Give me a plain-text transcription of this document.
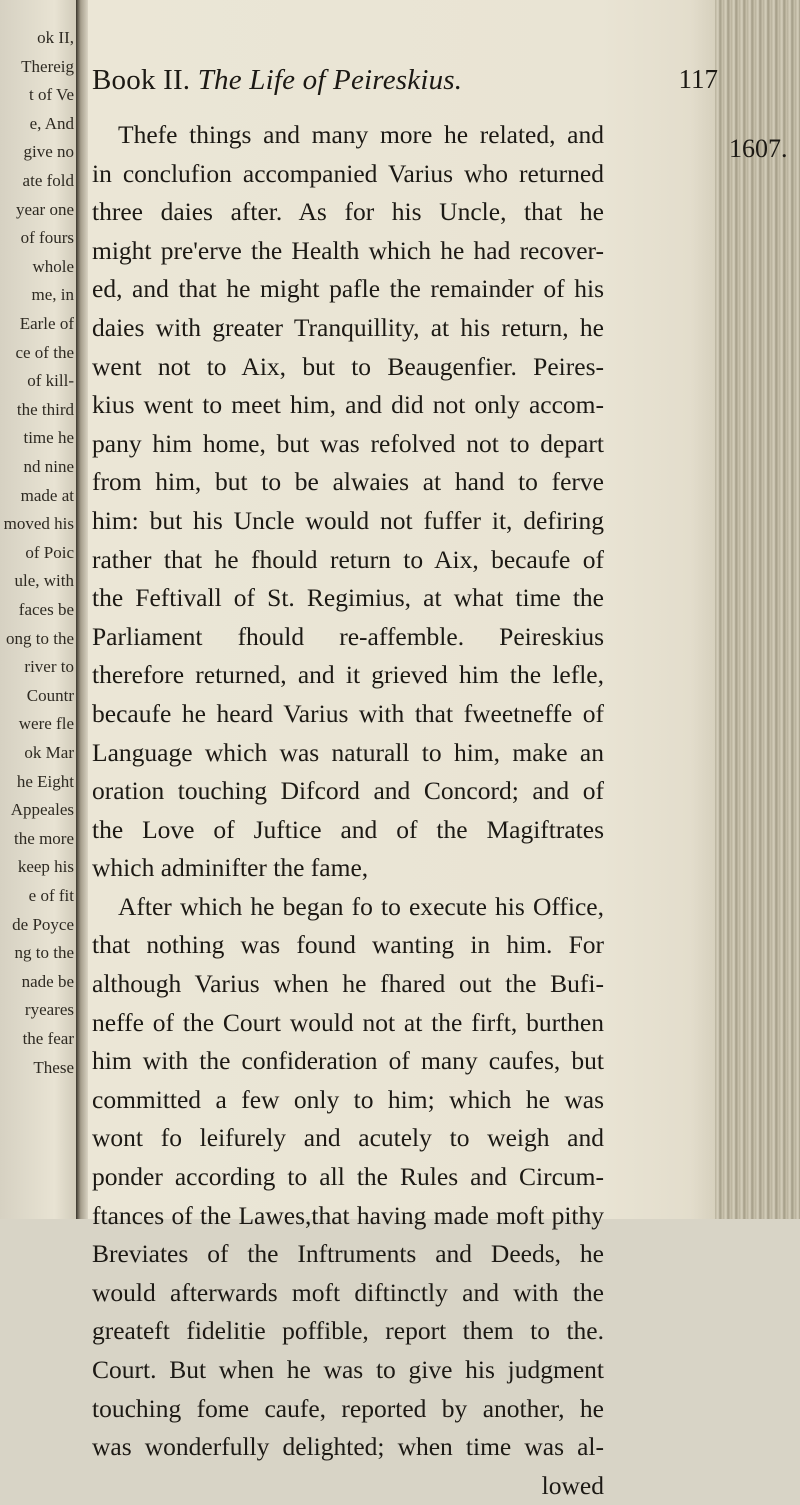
ok II,
Thereig
t of Ve
e, And
give no
ate fold
year one
of fours
whole
me, in
Earle of
ce of the
of kill-
the third
time he
nd nine
made at
moved his
of Poic
ule, with
faces be
ong to the
river to
Countr
were fle
ok Mar
he Eight
Appeales
the more
keep his
e of fit
de Poyce
ng to the
nade be
ryeares
the fear
These
Book II. The Life of Peireskius.	117
Thefe things and many more he related, and
in conclufion accompanied Varius who returned
three daies after. As for his Uncle, that he
might pre'erve the Health which he had recover-
ed, and that he might pafle the remainder of his
daies with greater Tranquillity, at his return, he
went not to Aix, but to Beaugenfier. Peires-
kius went to meet him, and did not only accom-
pany him home, but was refolved not to depart
from him, but to be alwaies at hand to ferve
him: but his Uncle would not fuffer it, defiring
rather that he fhould return to Aix, becaufe of
the Feftivall of St. Regimius, at what time the
Parliament fhould re-affemble. Peireskius
therefore returned, and it grieved him the lefle,
becaufe he heard Varius with that fweetneffe of
Language which was naturall to him, make an
oration touching Difcord and Concord; and of
the Love of Juftice and of the Magiftrates
which adminifter the fame,
After which he began fo to execute his Office,
that nothing was found wanting in him. For
although Varius when he fhared out the Bufi-
neffe of the Court would not at the firft, burthen
him with the confideration of many caufes, but
committed a few only to him; which he was
wont fo leifurely and acutely to weigh and
ponder according to all the Rules and Circum-
ftances of the Lawes,that having made moft pithy
Breviates of the Inftruments and Deeds, he
would afterwards moft diftinctly and with the
greateft fidelitie poffible, report them to the.
Court. But when he was to give his judgment
touching fome caufe, reported by another, he
was wonderfully delighted; when time was al-
lowed
1607.
